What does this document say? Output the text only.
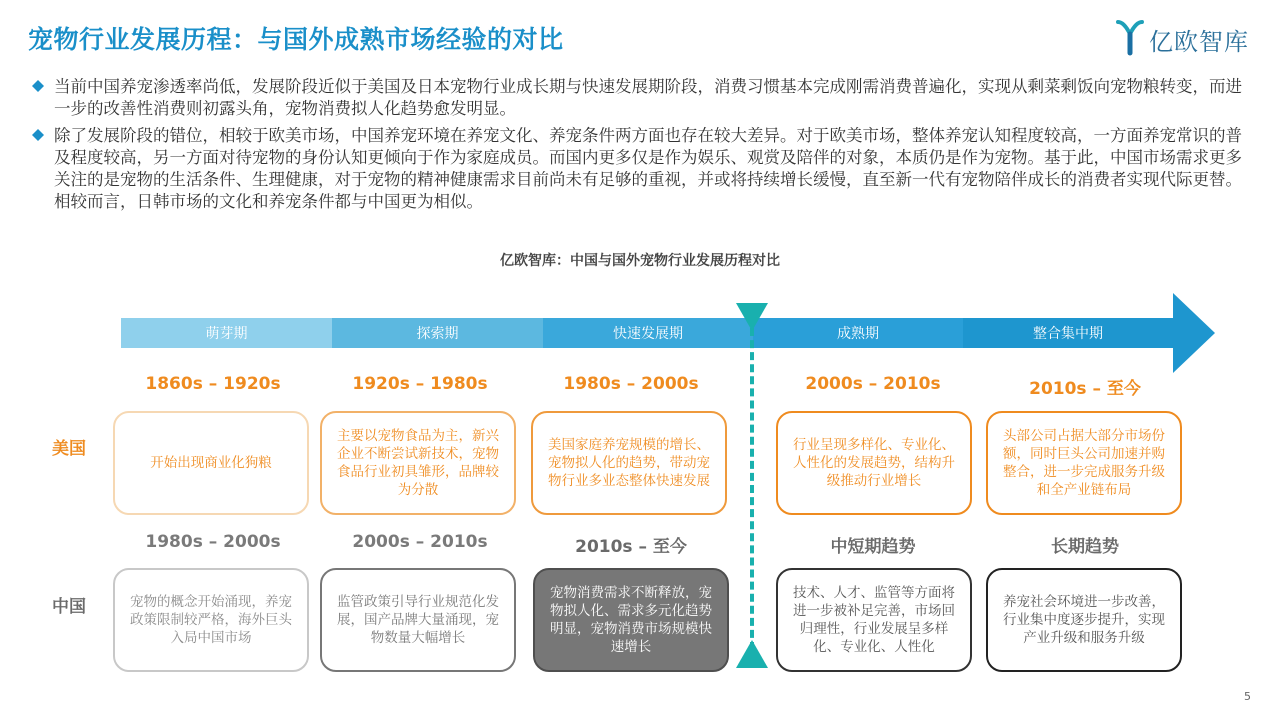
宠物行业发展历程：与国外成熟市场经验的对比	亿欧智库
当前中国养宠渗透率尚低，发展阶段近似于美国及日本宠物行业成长期与快速发展期阶段，消费习惯基本完成刚需消费普遍化，实现从剩菜剩饭向宠物粮转变，而进一步的改善性消费则初露头角，宠物消费拟人化趋势愈发明显。
除了发展阶段的错位，相较于欧美市场，中国养宠环境在养宠文化、养宠条件两方面也存在较大差异。对于欧美市场，整体养宠认知程度较高，一方面养宠常识的普及程度较高，另一方面对待宠物的身份认知更倾向于作为家庭成员。而国内更多仅是作为娱乐、观赏及陪伴的对象，本质仍是作为宠物。基于此，中国市场需求更多关注的是宠物的生活条件、生理健康，对于宠物的精神健康需求目前尚未有足够的重视，并或将持续增长缓慢，直至新一代有宠物陪伴成长的消费者实现代际更替。相较而言，日韩市场的文化和养宠条件都与中国更为相似。
亿欧智库：中国与国外宠物行业发展历程对比
萌芽期	探索期	快速发展期	成熟期	整合集中期
美国
中国
1860s – 1920s	1920s – 1980s	1980s – 2000s	2000s – 2010s	2010s – 至今
开始出现商业化狗粮
主要以宠物食品为主，新兴企业不断尝试新技术，宠物食品行业初具雏形，品牌较为分散
美国家庭养宠规模的增长、宠物拟人化的趋势，带动宠物行业多业态整体快速发展
行业呈现多样化、专业化、人性化的发展趋势，结构升级推动行业增长
头部公司占据大部分市场份额，同时巨头公司加速并购整合，进一步完成服务升级和全产业链布局
1980s – 2000s	2000s – 2010s	2010s – 至今	中短期趋势	长期趋势
宠物的概念开始涌现，养宠政策限制较严格，海外巨头入局中国市场
监管政策引导行业规范化发展，国产品牌大量涌现，宠物数量大幅增长
宠物消费需求不断释放，宠物拟人化、需求多元化趋势明显，宠物消费市场规模快速增长
技术、人才、监管等方面将进一步被补足完善，市场回归理性，行业发展呈多样化、专业化、人性化
养宠社会环境进一步改善，行业集中度逐步提升，实现产业升级和服务升级
5
